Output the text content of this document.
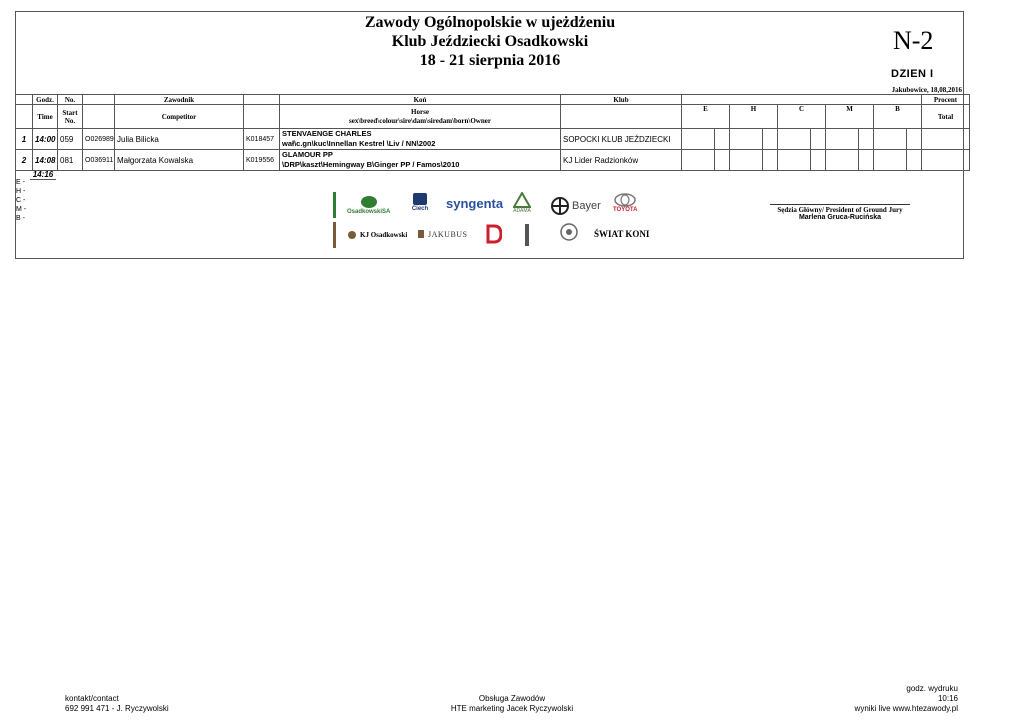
Zawody Ogólnopolskie w ujeżdżeniu
Klub Jeździecki Osadkowski
18 - 21 sierpnia 2016
N-2
DZIEN I
Jakubowice, 18,08,2016
	Godz.	No.		Zawodnik		Koń	Klub											Procent
	Time	Start
No.		Competitor		Horse
sex\breed\colour\sire\dam\siredam\born\Owner		E		H		C		M		B		Total
1	14:00	059	O026989	Julia Bilicka	K018457	STENVAENGE CHARLES
wał\c.gn\kuc\Innellan Kestrel \Liv / NN\2002	SOPOCKI KLUB JEŹDZIECKI											
2	14:08	081	O036911	Małgorzata Kowalska	K019556	GLAMOUR PP
\DRP\kaszt\Hemingway B\Ginger PP / Famos\2010	KJ Lider Radzionków											
14:16
E -
H -
C -
M -
B -
OsadkowskiSA	Ciech syngenta ADAMA	Bayer TOYOTA
KJ Osadkowski	JAKUBUS	ŚWIAT KONI
Sędzia Główny/ President of Ground Jury
Marlena Gruca-Rucińska
kontakt/contact
692 991 471 - J. Ryczywolski
Obsługa Zawodów
HTE marketing Jacek Ryczywolski
godz. wydruku
10:16
wyniki live www.htezawody.pl
